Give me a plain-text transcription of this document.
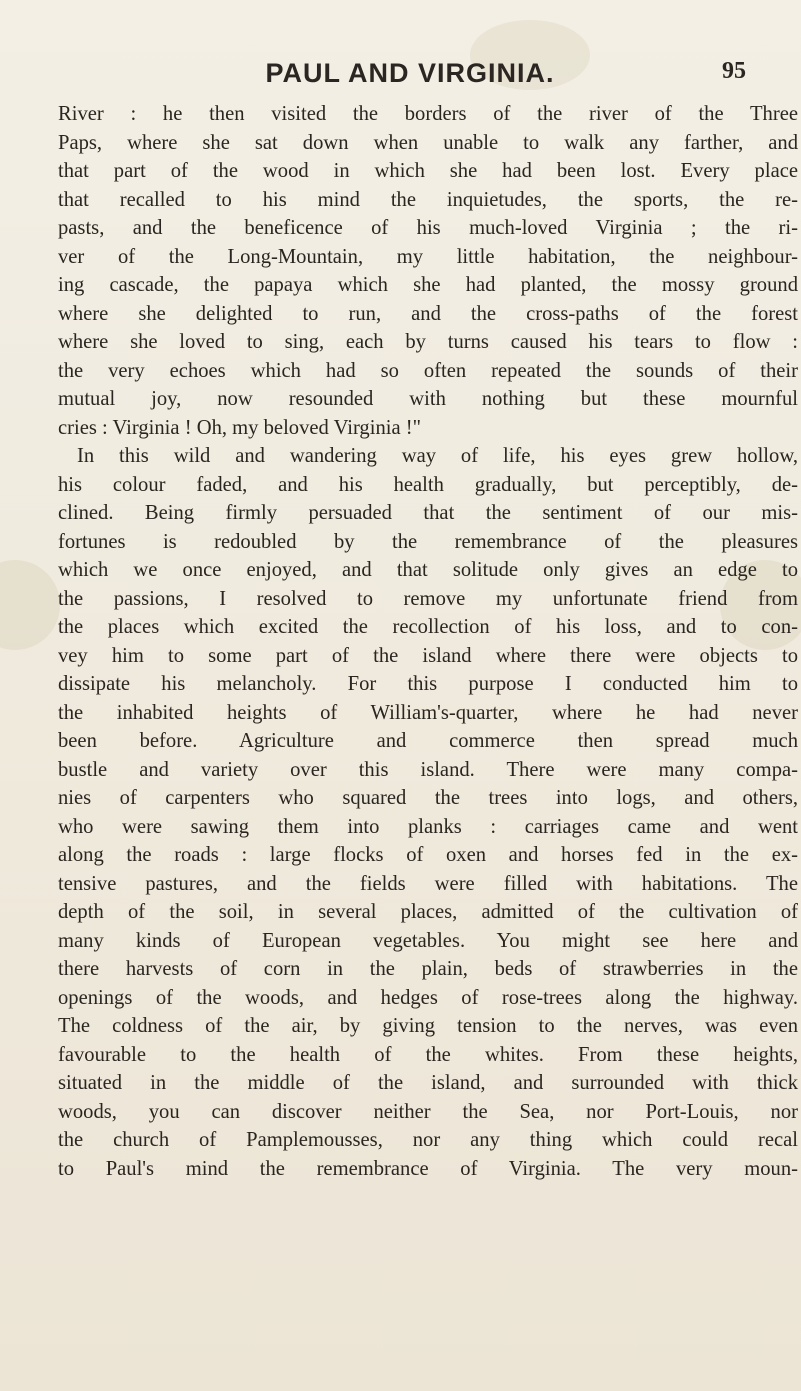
PAUL AND VIRGINIA.	95
River : he then visited the borders of the river of the Three
Paps, where she sat down when unable to walk any farther, and
that part of the wood in which she had been lost. Every place
that recalled to his mind the inquietudes, the sports, the re-
pasts, and the beneficence of his much-loved Virginia ; the ri-
ver of the Long-Mountain, my little habitation, the neighbour-
ing cascade, the papaya which she had planted, the mossy ground
where she delighted to run, and the cross-paths of the forest
where she loved to sing, each by turns caused his tears to flow :
the very echoes which had so often repeated the sounds of their
mutual joy, now resounded with nothing but these mournful
cries : Virginia ! Oh, my beloved Virginia !"
In this wild and wandering way of life, his eyes grew hollow,
his colour faded, and his health gradually, but perceptibly, de-
clined. Being firmly persuaded that the sentiment of our mis-
fortunes is redoubled by the remembrance of the pleasures
which we once enjoyed, and that solitude only gives an edge to
the passions, I resolved to remove my unfortunate friend from
the places which excited the recollection of his loss, and to con-
vey him to some part of the island where there were objects to
dissipate his melancholy. For this purpose I conducted him to
the inhabited heights of William's-quarter, where he had never
been before. Agriculture and commerce then spread much
bustle and variety over this island. There were many compa-
nies of carpenters who squared the trees into logs, and others,
who were sawing them into planks : carriages came and went
along the roads : large flocks of oxen and horses fed in the ex-
tensive pastures, and the fields were filled with habitations. The
depth of the soil, in several places, admitted of the cultivation of
many kinds of European vegetables. You might see here and
there harvests of corn in the plain, beds of strawberries in the
openings of the woods, and hedges of rose-trees along the highway.
The coldness of the air, by giving tension to the nerves, was even
favourable to the health of the whites. From these heights,
situated in the middle of the island, and surrounded with thick
woods, you can discover neither the Sea, nor Port-Louis, nor
the church of Pamplemousses, nor any thing which could recal
to Paul's mind the remembrance of Virginia. The very moun-
